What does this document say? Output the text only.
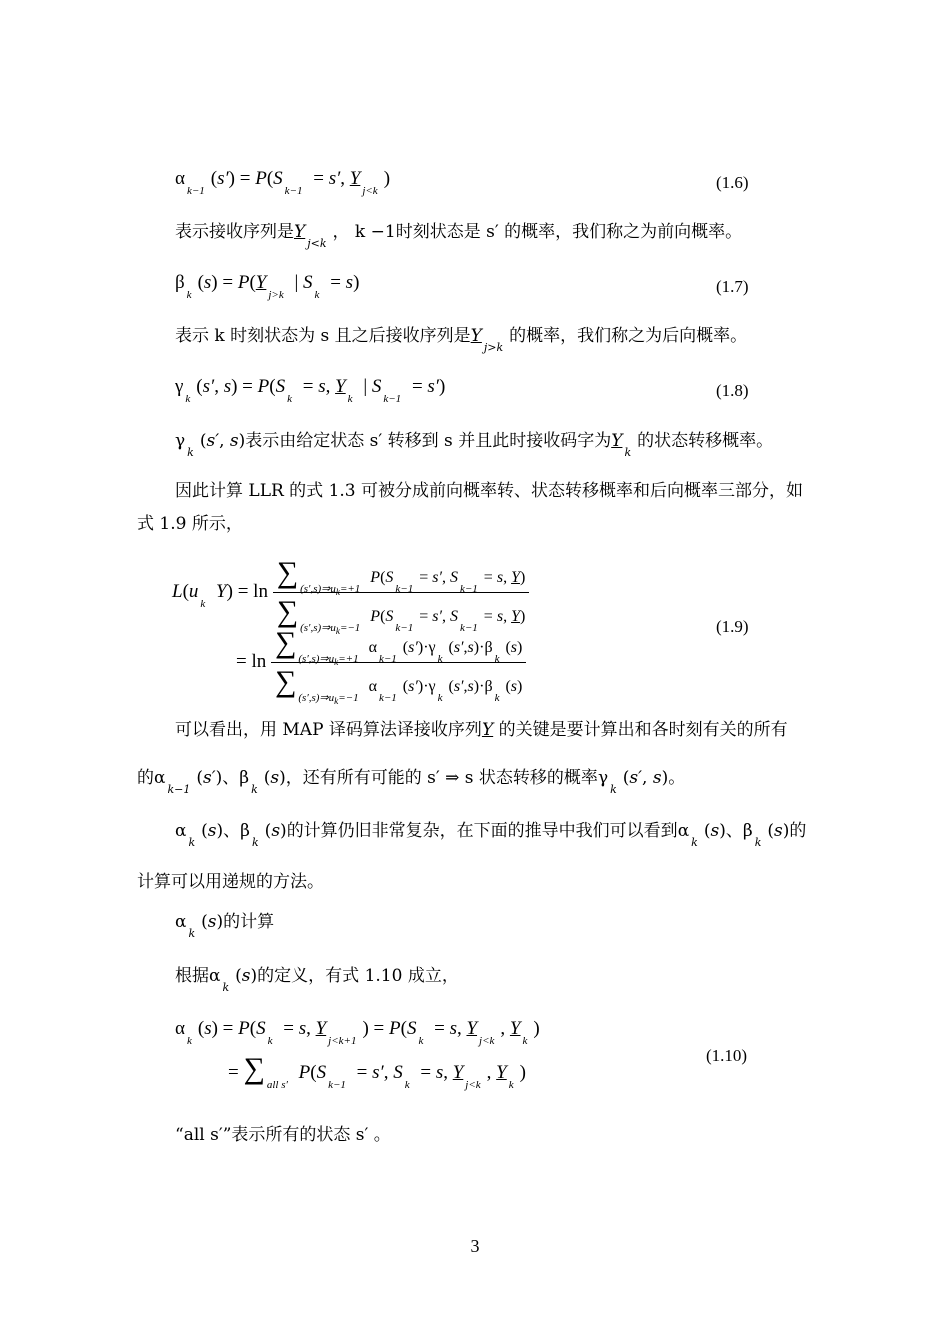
$\alpha_{k-1}(s') = P(S_{k-1} = s'$, $Y_{j<k}$)	(1.6)
表示接收序列是$Y_{j<k}$， k −1时刻状态是 s′ 的概率，我们称之为前向概率。
$\beta_k(s) = P(Y_{j>k}$ | $S_k = s$)	(1.7)
表示 k 时刻状态为 s 且之后接收序列是$Y_{j>k}$的概率，我们称之为后向概率。
$\gamma_k(s'$, $s) = P(S_k = s$, $Y_k$ | $S_{k-1} = s'$)	(1.8)
$\gamma_k(s'$, s)表示由给定状态 s′ 转移到 s 并且此时接收码字为$Y_k$的状态转移概率。
因此计算 LLR 的式 1.3 可被分成前向概率转、状态转移概率和后向概率三部分，如
式 1.9 所示，
$L(u_k$ $Y) = \ln \frac{\sum _{(s',s)\Rightarrow u_k=+1} P(S_{k-1}= s', S_{k-1}= s, Y)}{\sum _{(s',s)\Rightarrow u_k=-1} P(S_{k-1}= s', S_{k-1}= s, Y)}$
= $\ln \frac{\sum _{(s',s)\Rightarrow u_k=+1} \alpha_{k-1}(s')\cdot\gamma_k(s',s)\cdot\beta_k(s)}{\sum _{(s',s)\Rightarrow u_k=-1} \alpha_{k-1}(s')\cdot\gamma_k(s',s)\cdot\beta_k(s)}$	(1.9)
可以看出，用 MAP 译码算法译接收序列Y 的关键是要计算出和各时刻有关的所有
的$\alpha_{k-1}(s')$、$\beta_k(s)$，还有所有可能的 s′ ⇒ s 状态转移的概率$\gamma_k(s'$, s)。
$\alpha_k(s)$、$\beta_k(s)$的计算仍旧非常复杂，在下面的推导中我们可以看到$\alpha_k(s)$、$\beta_k(s)$的
计算可以用递规的方法。
$\alpha_k(s)$的计算
根据$\alpha_k(s)$的定义，有式 1.10 成立，
$\alpha_k(s) = P(S_k = s$, $Y_{j<k+1}) = P(S_k = s$, $Y_{j<k}$, $Y_k$)
= ∑ $_{all s'}$ $P(S_{k-1} = s'$, $S_k = s$, $Y_{j<k}$, $Y_k$)
(1.10)
“all s′”表示所有的状态 s′ 。
3
